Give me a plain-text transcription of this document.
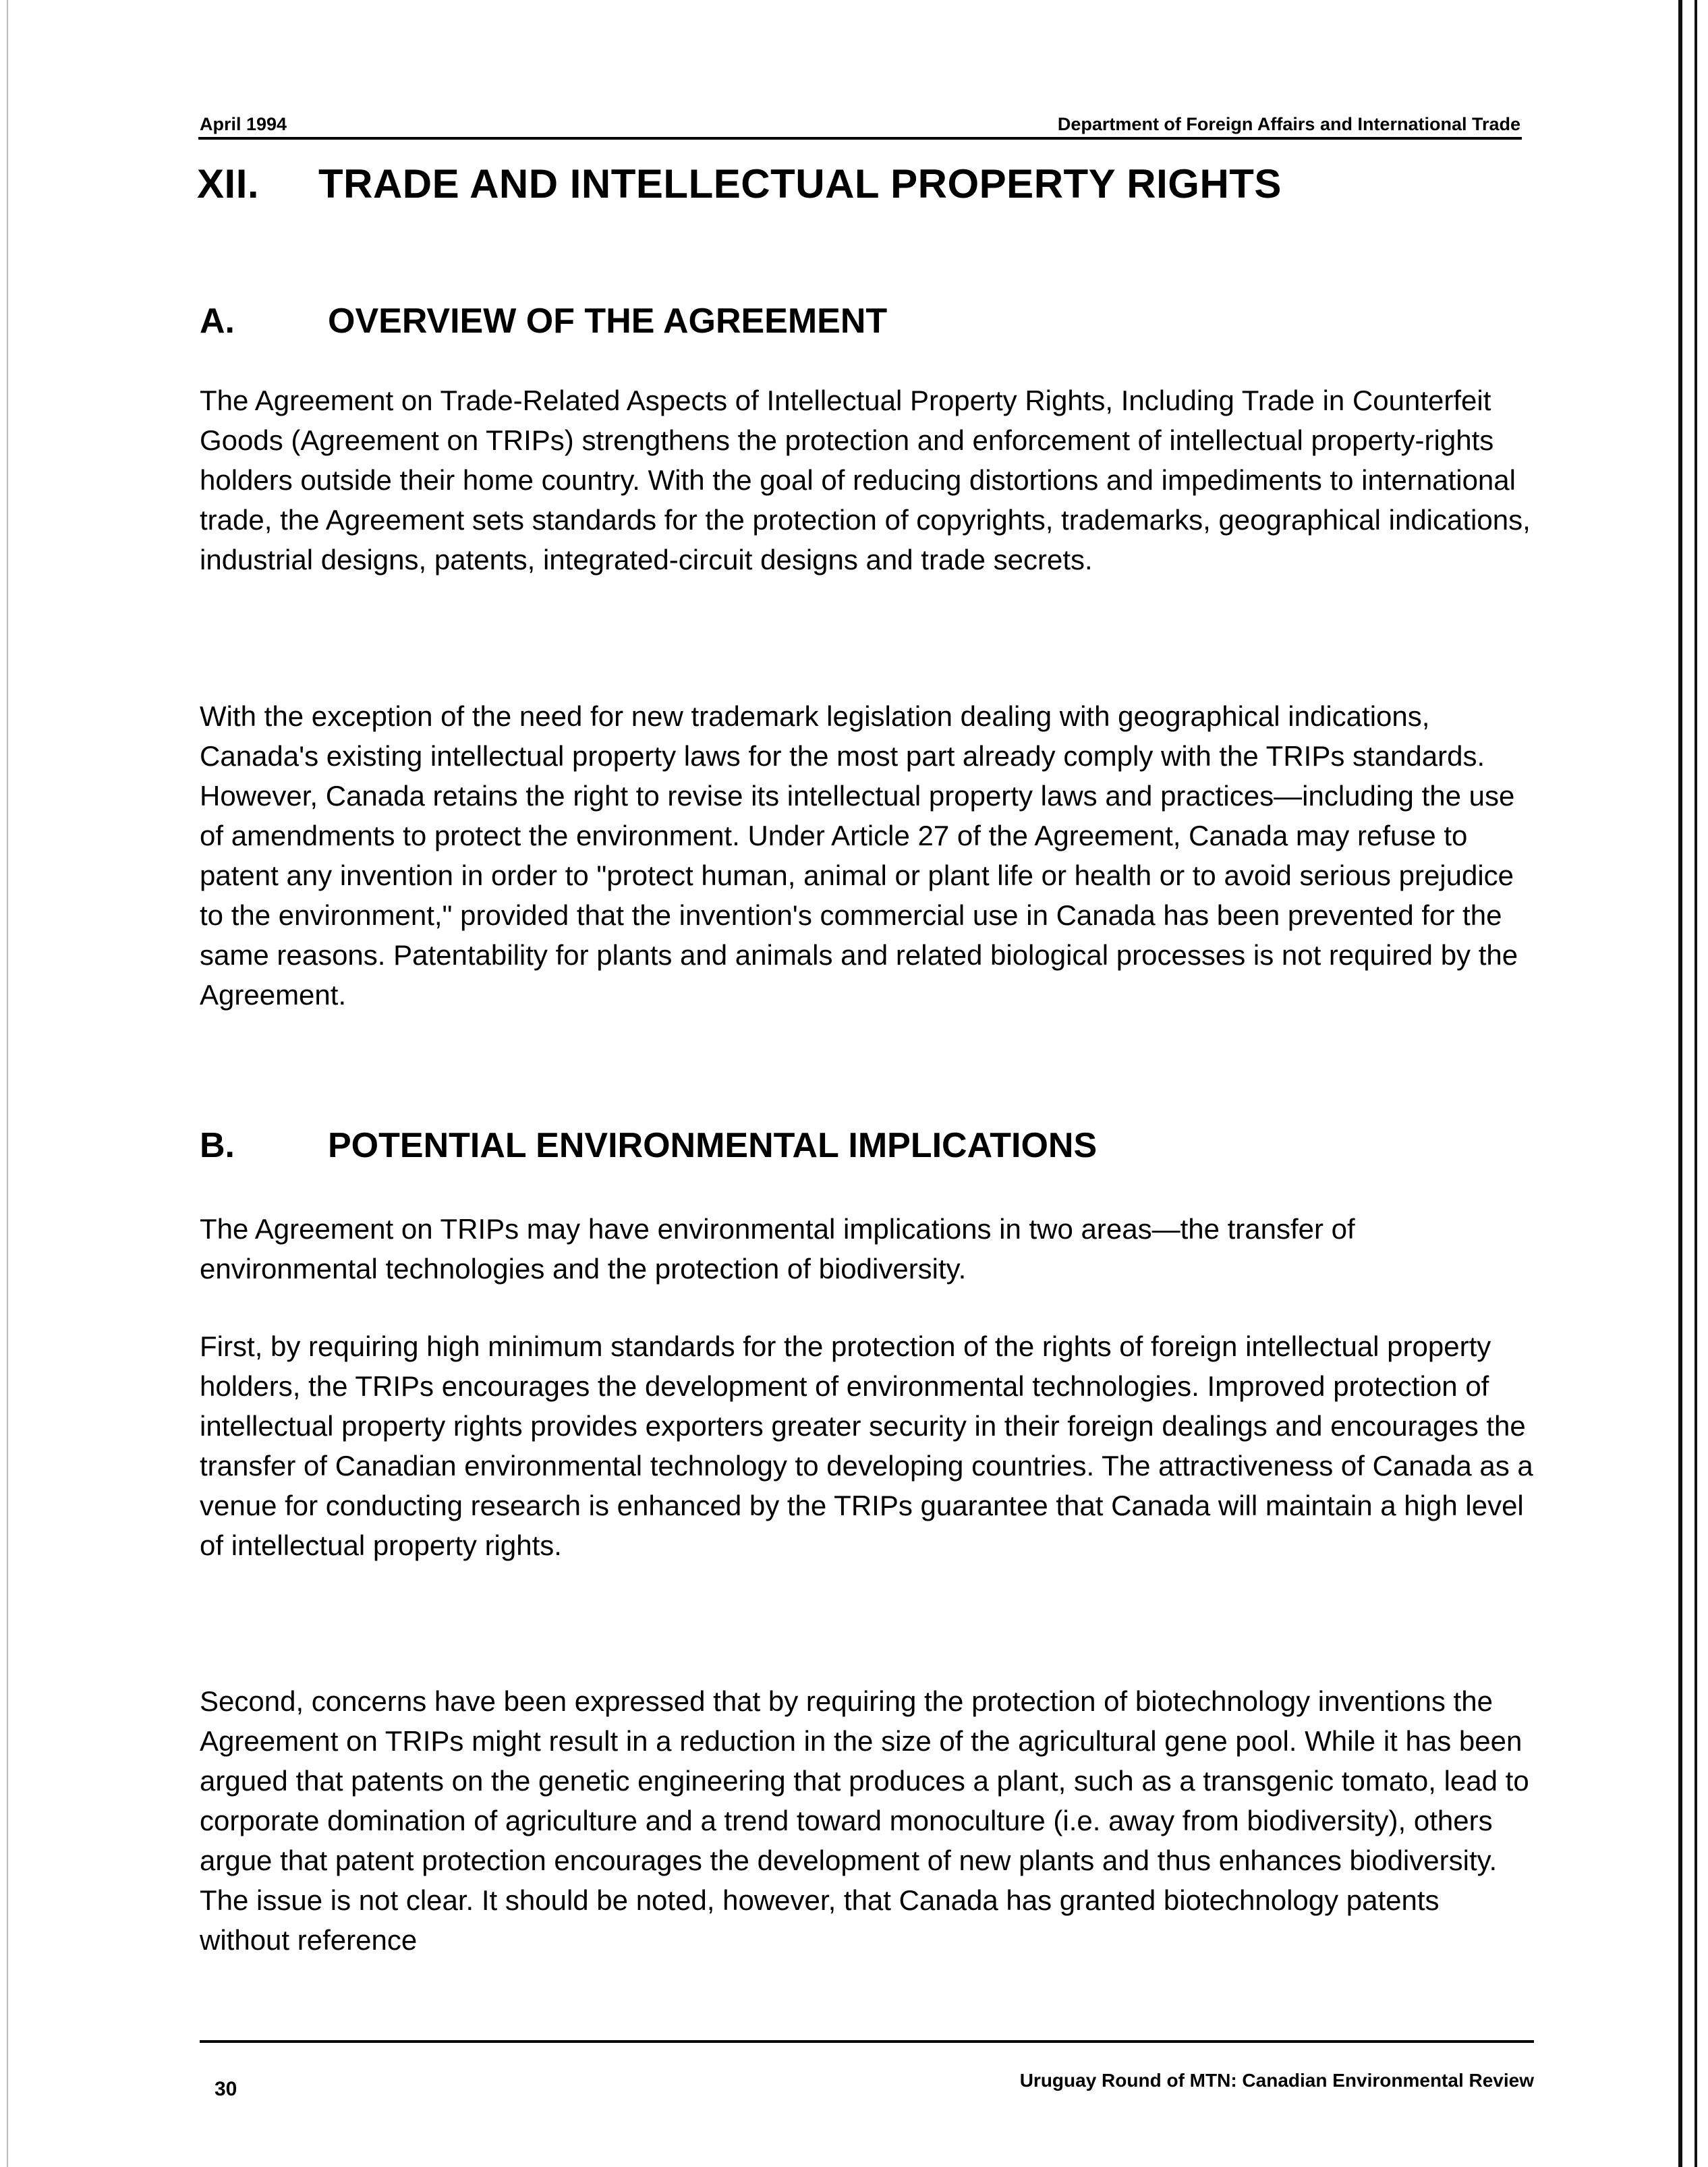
April 1994	Department of Foreign Affairs and International Trade
XII. TRADE AND INTELLECTUAL PROPERTY RIGHTS
A.	OVERVIEW OF THE AGREEMENT

The Agreement on Trade-Related Aspects of Intellectual Property Rights, Including Trade in Counterfeit Goods (Agreement on TRIPs) strengthens the protection and enforcement of intellectual property-rights holders outside their home country. With the goal of reducing distortions and impediments to international trade, the Agreement sets standards for the protection of copyrights, trademarks, geographical indications, industrial designs, patents, integrated-circuit designs and trade secrets.

With the exception of the need for new trademark legislation dealing with geographical indications, Canada's existing intellectual property laws for the most part already comply with the TRIPs standards. However, Canada retains the right to revise its intellectual property laws and practices—including the use of amendments to protect the environment. Under Article 27 of the Agreement, Canada may refuse to patent any invention in order to "protect human, animal or plant life or health or to avoid serious prejudice to the environment," provided that the invention's commercial use in Canada has been prevented for the same reasons. Patentability for plants and animals and related biological processes is not required by the Agreement.

B.	POTENTIAL ENVIRONMENTAL IMPLICATIONS

The Agreement on TRIPs may have environmental implications in two areas—the transfer of environmental technologies and the protection of biodiversity.

First, by requiring high minimum standards for the protection of the rights of foreign intellectual property holders, the TRIPs encourages the development of environmental technologies. Improved protection of intellectual property rights provides exporters greater security in their foreign dealings and encourages the transfer of Canadian environmental technology to developing countries. The attractiveness of Canada as a venue for conducting research is enhanced by the TRIPs guarantee that Canada will maintain a high level of intellectual property rights.

Second, concerns have been expressed that by requiring the protection of biotechnology inventions the Agreement on TRIPs might result in a reduction in the size of the agricultural gene pool. While it has been argued that patents on the genetic engineering that produces a plant, such as a transgenic tomato, lead to corporate domination of agriculture and a trend toward monoculture (i.e. away from biodiversity), others argue that patent protection encourages the development of new plants and thus enhances biodiversity. The issue is not clear. It should be noted, however, that Canada has granted biotechnology patents without reference

30	Uruguay Round of MTN: Canadian Environmental Review
